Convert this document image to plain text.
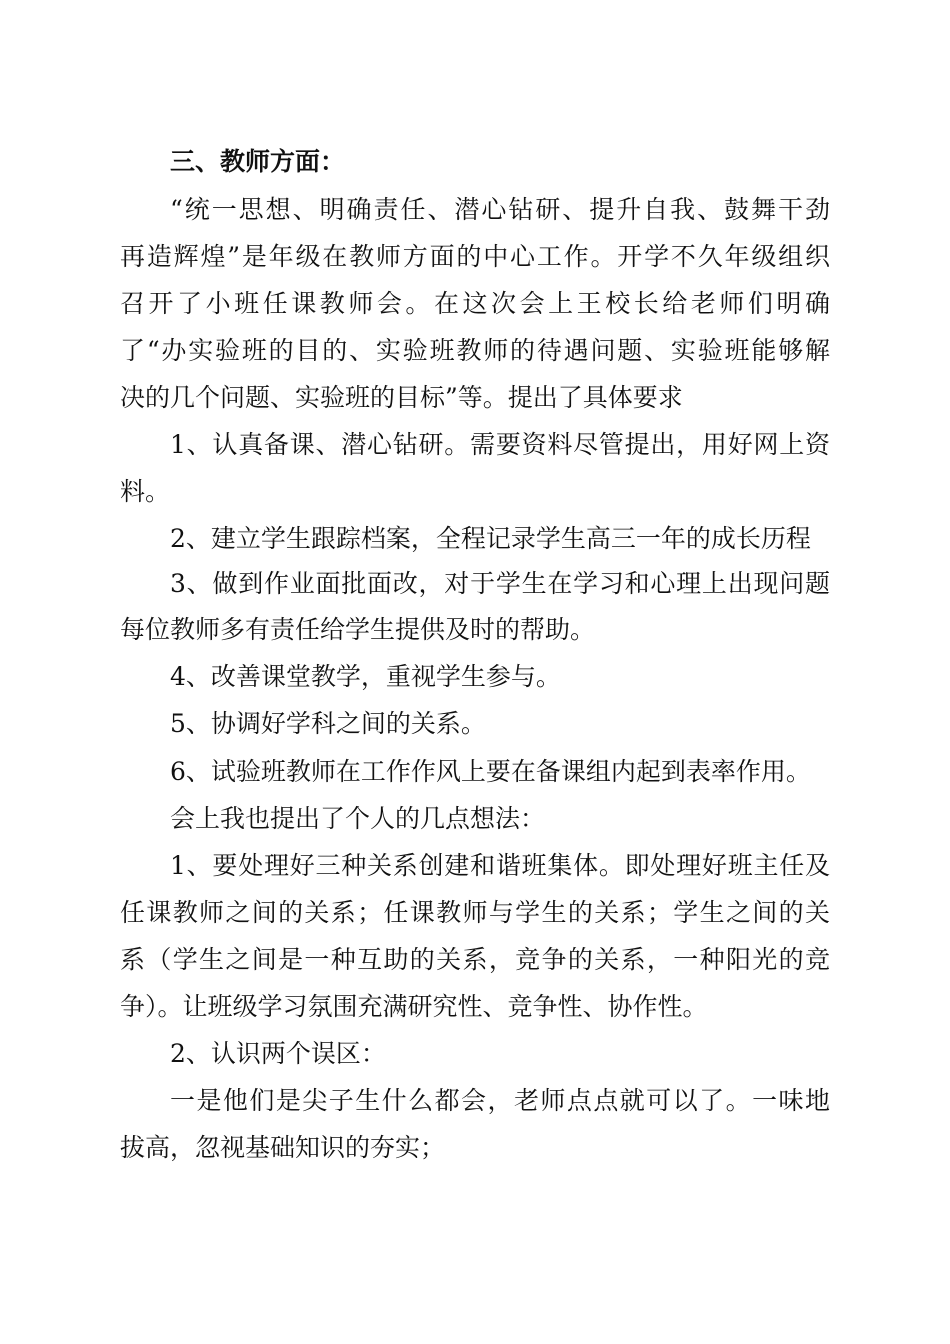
三、教师方面：

“统一思想、明确责任、潜心钻研、提升自我、鼓舞干劲

再造辉煌”是年级在教师方面的中心工作。开学不久年级组织

召开了小班任课教师会。在这次会上王校长给老师们明确

了“办实验班的目的、实验班教师的待遇问题、实验班能够解

决的几个问题、实验班的目标”等。提出了具体要求

1、认真备课、潜心钻研。需要资料尽管提出，用好网上资

料。

2、建立学生跟踪档案，全程记录学生高三一年的成长历程

3、做到作业面批面改，对于学生在学习和心理上出现问题

每位教师多有责任给学生提供及时的帮助。

4、改善课堂教学，重视学生参与。

5、协调好学科之间的关系。

6、试验班教师在工作作风上要在备课组内起到表率作用。

会上我也提出了个人的几点想法：

1、要处理好三种关系创建和谐班集体。即处理好班主任及

任课教师之间的关系；任课教师与学生的关系；学生之间的关

系（学生之间是一种互助的关系，竞争的关系，一种阳光的竞

争）。让班级学习氛围充满研究性、竞争性、协作性。

2、认识两个误区：

一是他们是尖子生什么都会，老师点点就可以了。一味地

拔高，忽视基础知识的夯实；
